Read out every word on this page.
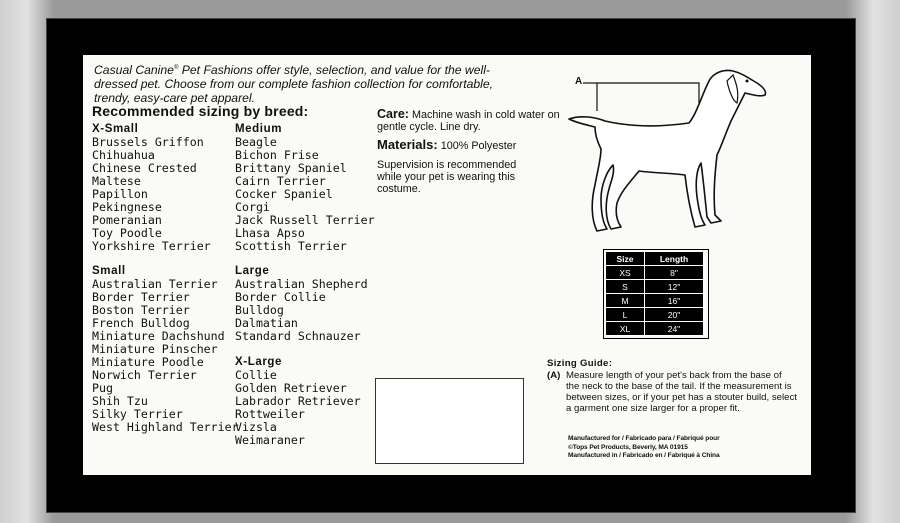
Casual Canine® Pet Fashions offer style, selection, and value for the well-dressed pet. Choose from our complete fashion collection for comfortable, trendy, easy-care pet apparel.

Recommended sizing by breed:
X-Small
Brussels Griffon
Chihuahua
Chinese Crested
Maltese
Papillon
Pekingnese
Pomeranian
Toy Poodle
Yorkshire Terrier
Small
Australian Terrier
Border Terrier
Boston Terrier
French Bulldog
Miniature Dachshund
Miniature Pinscher
Miniature Poodle
Norwich Terrier
Pug
Shih Tzu
Silky Terrier
West Highland Terrier
Medium
Beagle
Bichon Frise
Brittany Spaniel
Cairn Terrier
Cocker Spaniel
Corgi
Jack Russell Terrier
Lhasa Apso
Scottish Terrier
Large
Australian Shepherd
Border Collie
Bulldog
Dalmatian
Standard Schnauzer
X-Large
Collie
Golden Retriever
Labrador Retriever
Rottweiler
Vizsla
Weimaraner

Care: Machine wash in cold water on gentle cycle. Line dry.

Materials: 100% Polyester

Supervision is recommended while your pet is wearing this costume.

A
Size	Length
XS	8"
S	12"
M	16"
L	20"
XL	24"
Sizing Guide:
(A) Measure length of your pet's back from the base of the neck to the base of the tail. If the measurement is between sizes, or if your pet has a stouter build, select a garment one size larger for a proper fit.
Manufactured for / Fabricado para / Fabriqué pour
©Tops Pet Products, Beverly, MA 01915
Manufactured in / Fabricado en / Fabriqué à China
